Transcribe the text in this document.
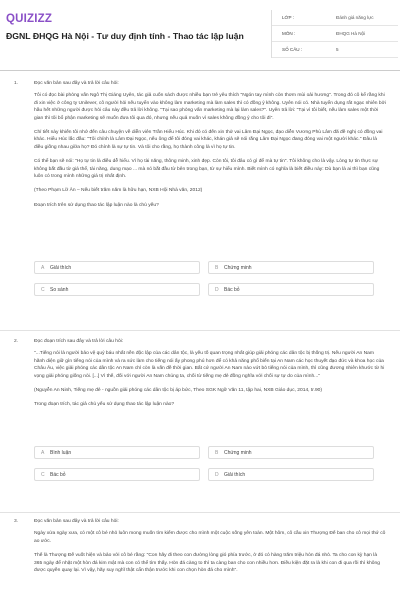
QUIZIZZ
ĐGNL ĐHQG Hà Nội - Tư duy định tính - Thao tác lập luận
LỚP :	Đánh giá năng lực
MÔN :	ĐHQG Hà Nội
SỐ CÂU :	5
1.	Đọc văn bản sau đây và trả lời câu hỏi:

Tôi có đọc bài phỏng vấn Ngô Thị Giáng Uyên, tác giả cuốn sách được nhiều bạn trẻ yêu thích "Ngón tay mình còn thơm mùi oải hương". Trong đó cô kể rằng khi đi xin việc ở công ty Unilever, cô người hỏi nếu tuyển vào không làm marketing mà làm sales thì có đồng ý không. Uyên nói có. Nhà tuyển dụng rất ngạc nhiên bởi hầu hết những người được hỏi câu này đều trả lời không. "Tại sao phỏng vấn marketing mà lại làm sales?". Uyên trả lời: "Tại vì tôi biết, nếu làm sales một thời gian thì tôi bổ phận marketing sẽ muốn đưa tôi qua đó, nhưng nếu quả muốn vì sales không đồng ý cho tôi đi".

Chỉ tiết này khiến tôi nhớ đến câu chuyện về diễn viên Trần Hiểu Húc. Khi đó có đến xin thử vai Lâm Đại Ngọc, đạo diễn Vương Phù Lâm đã đề nghị có đồng vai khác. Hiểu Húc lắc đầu: "Tôi chính là Lâm Đại Ngọc, nếu ông để tôi đóng vai khác, khán giả sẽ nói rằng Lâm Đại Ngọc đang đóng vai một người khác." Đâu là điều giống nhau giữa họ? Đó chính là sự tự tin. Và tôi cho rằng, họ thành công là vì họ tự tin.

Có thể bạn sẽ nói: "Họ tự tin là điều dễ hiểu. Vì họ tài năng, thông minh, xinh đẹp. Còn tôi, tôi đâu có gì để mà tự tin". Tôi không cho là vậy. Lòng tự tin thực sự không bắt đầu từ giá thể, tài năng, dung mạo ... mà nó bắt đầu từ bên trong bạn, từ sự hiểu mình. Biết mình có nghĩa là biết điều này: Dù bạn là ai thì bạn cũng luôn có trong mình những giá trị nhất định.

(Theo Phạm Lữ Ân – Nếu biết trăm năm là hữu hạn, NXB Hội Nhà văn, 2012)

Đoạn trích trên sử dụng thao tác lập luận nào là chủ yếu?

A Giải thích	B Chứng minh
C So sánh	D Bác bỏ
2.	Đọc đoạn trích sau đây và trả lời câu hỏi:

"...Tiếng nói là người bảo vệ quý báu nhất nền độc lập của các dân tộc, là yếu tố quan trọng nhất giúp giải phóng các dân tộc bị thống trị. Nếu người An Nam hãnh diện giữ gìn tiếng nói của mình và ra sức làm cho tiếng nói ấy phong phú hơn để có khả năng phổ biến tại An Nam các học thuyết đạo đức và khoa học của Châu Âu, việc giải phóng các dân tộc An Nam chỉ còn là vấn đề thời gian. Bất cứ người An Nam nào vứt bỏ tiếng nói của mình, thì cũng đương nhiên khước từ hi vọng giải phóng giống nòi. [...] Vì thế, đối với người An Nam chúng ta, chối từ tiếng mẹ đẻ đồng nghĩa với chối sự tự do của mình..."

(Nguyễn An Ninh, Tiếng mẹ đẻ - nguồn giải phóng các dân tộc bị áp bức, Theo SGK Ngữ Văn 11, tập hai, NXB Giáo dục, 2014, tr.90)

Trong đoạn trích, tác giả chủ yếu sử dụng thao tác lập luận nào?

A Bình luận	B Chứng minh
C Bác bỏ	D Giải thích
3.	Đọc văn bản sau đây và trả lời câu hỏi:

Ngày xửa ngày xưa, có một cô bé nhỏ luôn mong muốn tìm kiếm được cho mình một cuộc sống yên toàn. Một hôm, cô cầu xin Thượng Đế ban cho cô mọi thứ cô ao ước.

Thế là Thượng Đế vuốt hiện và bảo với cô bé rằng: "Con hãy đi theo con đường lòng gió phía trước, ở đó có hàng trăm triệu hòn đá nhỏ. Ta cho con kỳ hạn là 365 ngày để nhặt một hòn đá kim mật mà con có thể tìm thấy. Hòn đá càng to thì ta càng ban cho con nhiều hơn. Điều kiện đặt ra là khi con đi qua rồi thì không được quyền quay lại. Vì vậy, hãy suy nghĩ thật cẩn thận trước khi con chọn hòn đá cho mình".
